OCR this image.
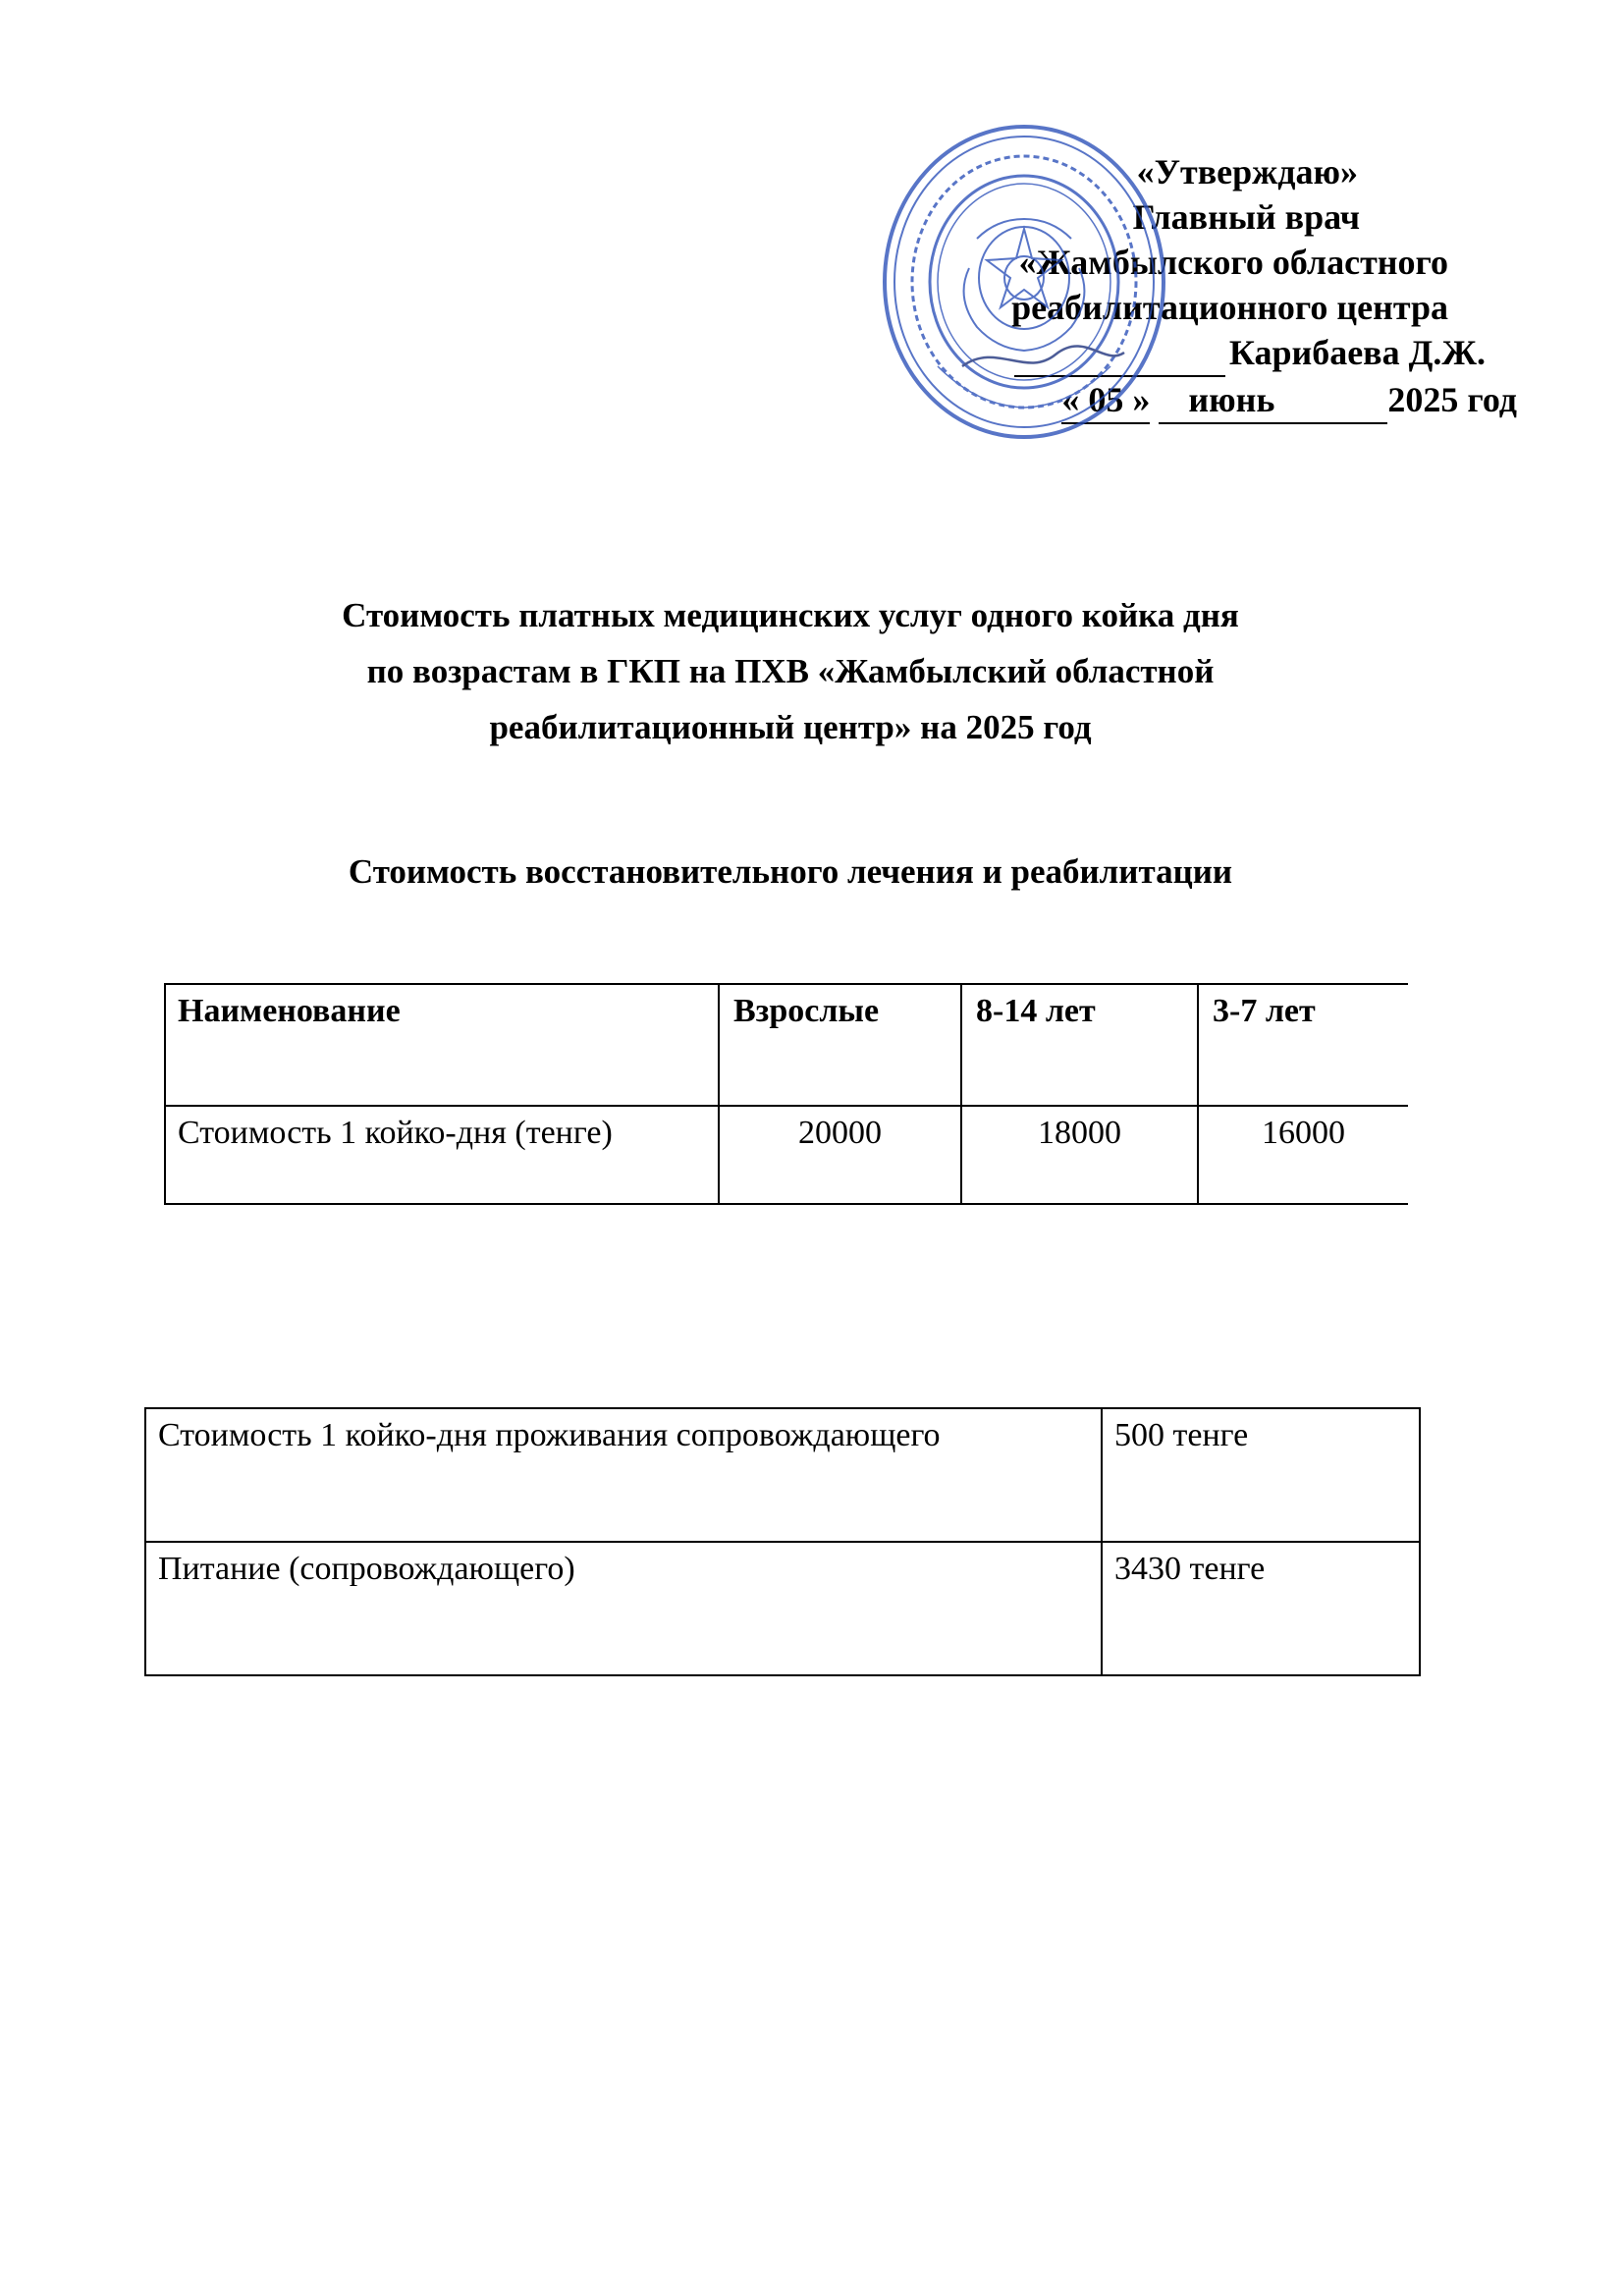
«Утверждаю»
Главный врач
«Жамбылского областного
реабилитационного центра
Карибаева Д.Ж.
« 05 » июнь	2025 год
Стоимость платных медицинских услуг одного койка дня
по возрастам в ГКП на ПХВ «Жамбылский областной
реабилитационный центр» на 2025 год
Стоимость восстановительного лечения и реабилитации
Наименование	Взрослые	8-14 лет	3-7 лет
Стоимость 1 койко-дня (тенге)	20000	18000	16000
Стоимость 1 койко-дня проживания сопровождающего	500 тенге
Питание (сопровождающего)	3430 тенге
